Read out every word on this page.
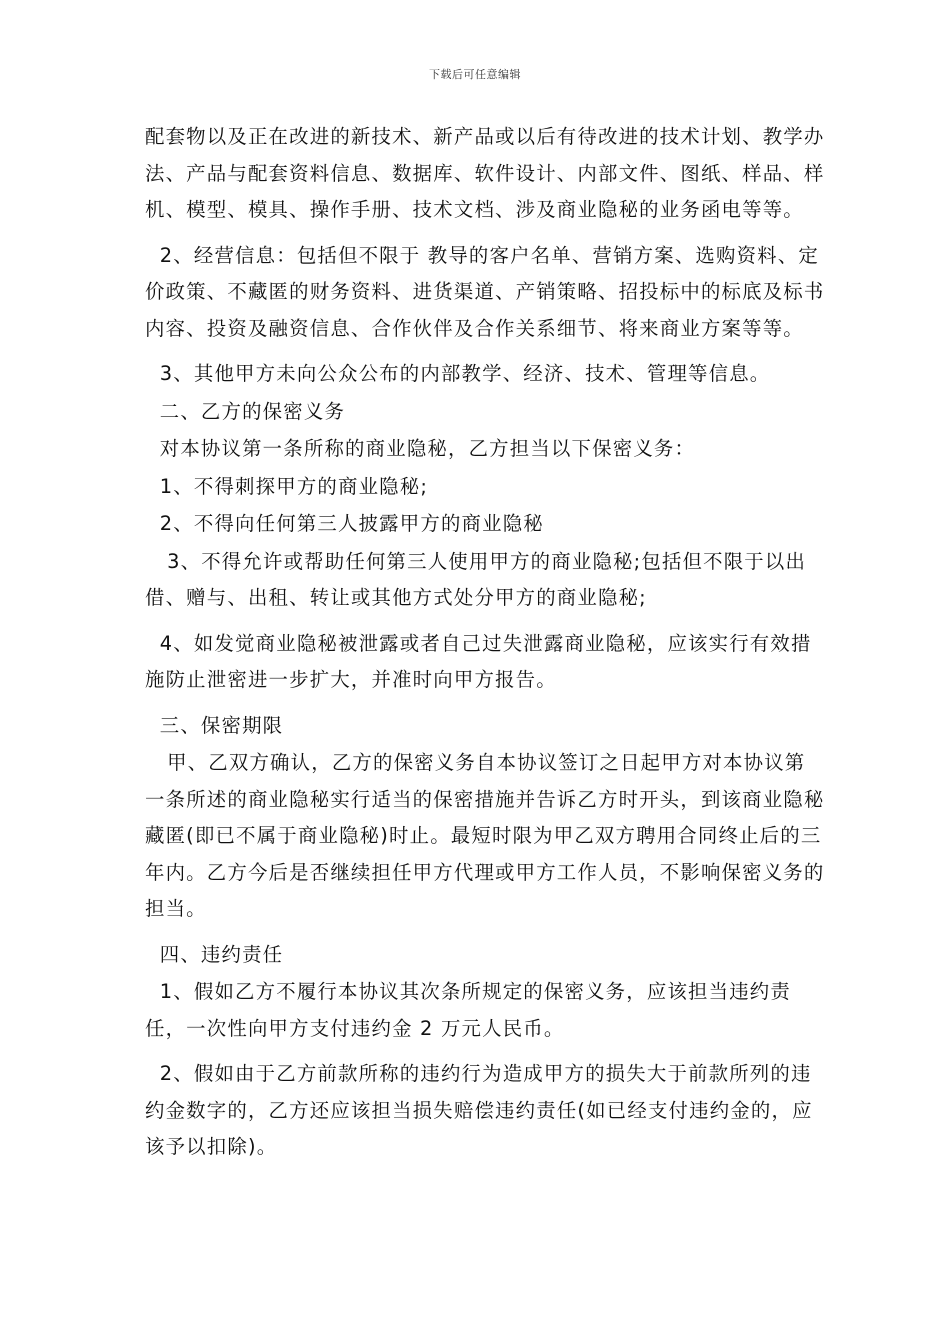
下载后可任意编辑

配套物以及正在改进的新技术、新产品或以后有待改进的技术计划、教学办法、产品与配套资料信息、数据库、软件设计、内部文件、图纸、样品、样机、模型、模具、操作手册、技术文档、涉及商业隐秘的业务函电等等。

2、经营信息：包括但不限于 教导的客户名单、营销方案、选购资料、定价政策、不藏匿的财务资料、进货渠道、产销策略、招投标中的标底及标书内容、投资及融资信息、合作伙伴及合作关系细节、将来商业方案等等。

3、其他甲方未向公众公布的内部教学、经济、技术、管理等信息。

二、乙方的保密义务

对本协议第一条所称的商业隐秘，乙方担当以下保密义务：

1、不得刺探甲方的商业隐秘;

2、不得向任何第三人披露甲方的商业隐秘

3、不得允许或帮助任何第三人使用甲方的商业隐秘;包括但不限于以出借、赠与、出租、转让或其他方式处分甲方的商业隐秘;

4、如发觉商业隐秘被泄露或者自己过失泄露商业隐秘，应该实行有效措施防止泄密进一步扩大，并准时向甲方报告。

三、保密期限

甲、乙双方确认，乙方的保密义务自本协议签订之日起甲方对本协议第一条所述的商业隐秘实行适当的保密措施并告诉乙方时开头，到该商业隐秘藏匿(即已不属于商业隐秘)时止。最短时限为甲乙双方聘用合同终止后的三年内。乙方今后是否继续担任甲方代理或甲方工作人员，不影响保密义务的担当。

四、违约责任

1、假如乙方不履行本协议其次条所规定的保密义务，应该担当违约责任，一次性向甲方支付违约金 2 万元人民币。

2、假如由于乙方前款所称的违约行为造成甲方的损失大于前款所列的违约金数字的，乙方还应该担当损失赔偿违约责任(如已经支付违约金的，应该予以扣除)。
